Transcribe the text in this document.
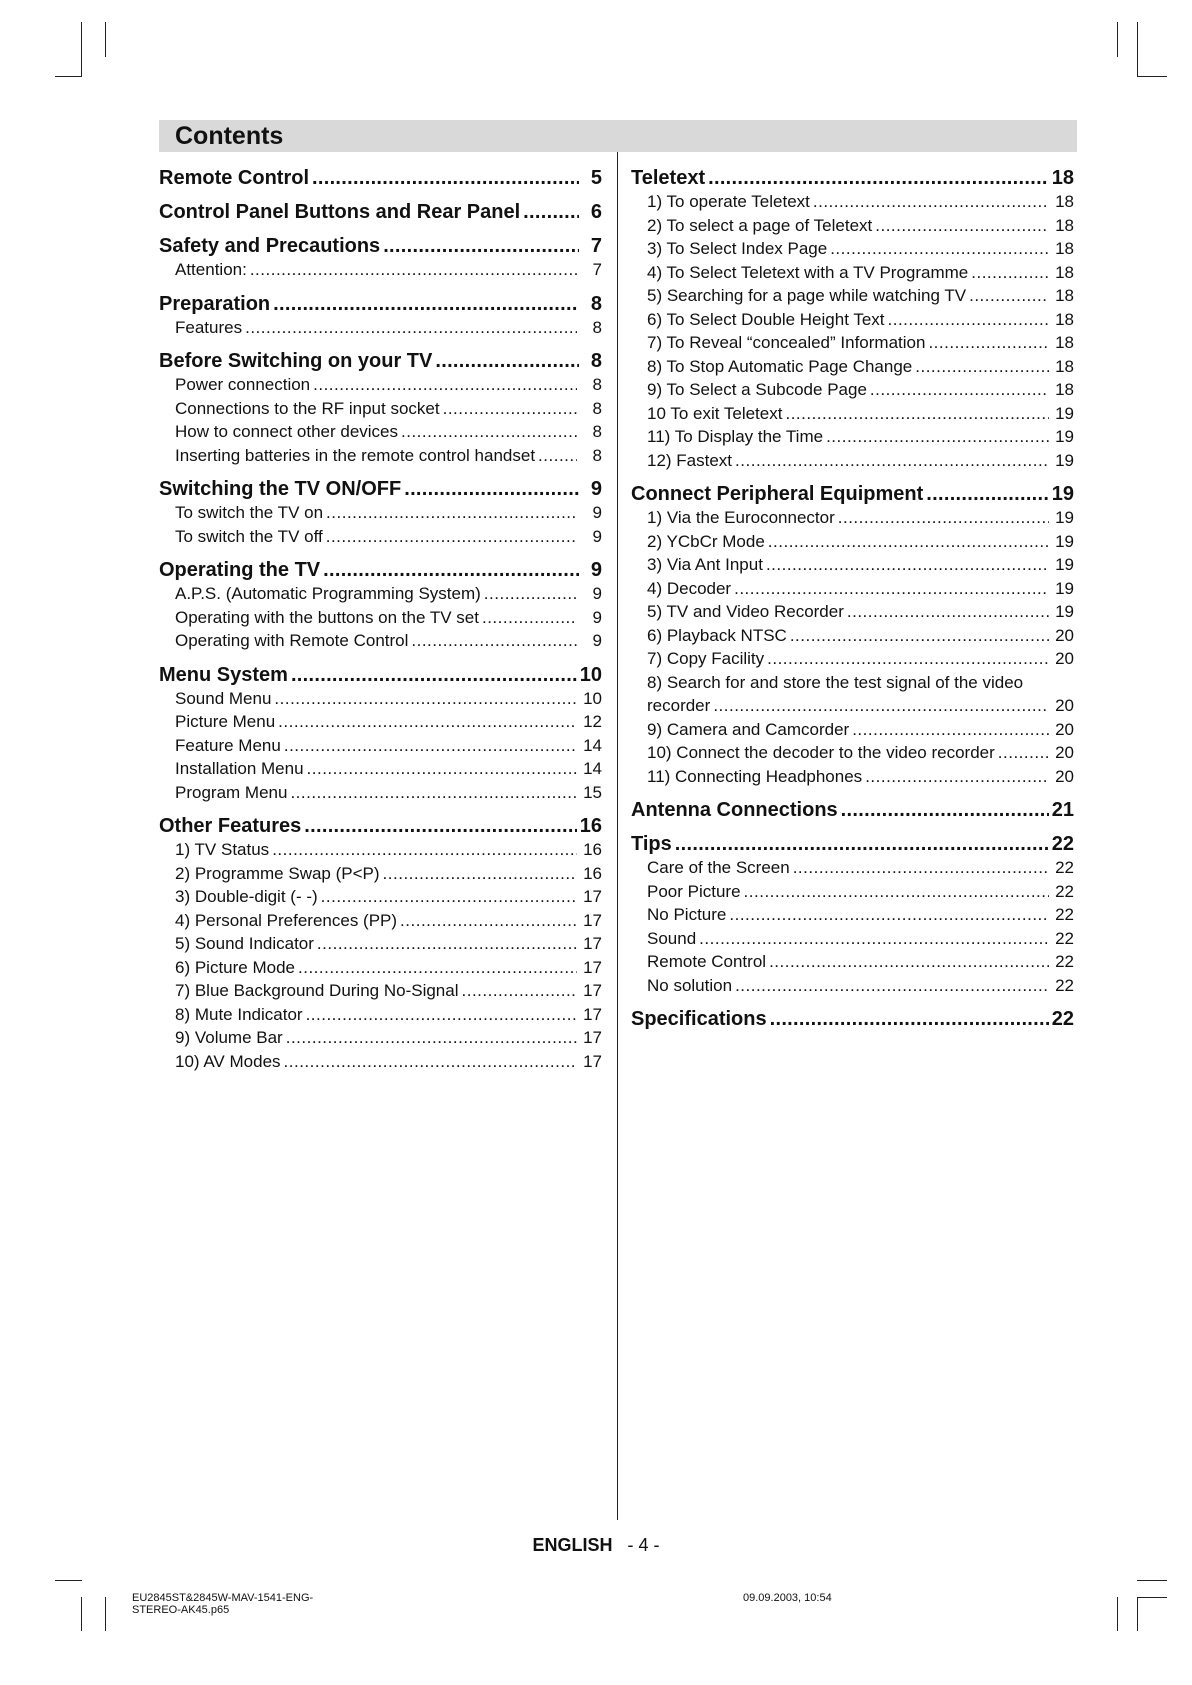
Contents
Remote Control .....	5
Control Panel Buttons and Rear Panel .....	6
Safety and Precautions .....	7
Attention: .....	7
Preparation .....	8
Features .....	8
Before Switching on your TV .....	8
Power connection .....	8
Connections to the RF input socket .....	8
How to connect other devices .....	8
Inserting batteries in the remote control handset .....	8
Switching the TV ON/OFF .....	9
To switch the TV on .....	9
To switch the TV off .....	9
Operating the TV .....	9
A.P.S. (Automatic Programming System) .....	9
Operating with the buttons on the TV set .....	9
Operating with Remote Control .....	9
Menu System .....	10
Sound Menu .....	10
Picture Menu .....	12
Feature Menu .....	14
Installation Menu .....	14
Program Menu .....	15
Other Features .....	16
1) TV Status .....	16
2) Programme Swap (P<P) .....	16
3) Double-digit (- -) .....	17
4) Personal Preferences (PP) .....	17
5) Sound Indicator .....	17
6) Picture Mode .....	17
7) Blue Background During No-Signal .....	17
8) Mute Indicator .....	17
9) Volume Bar .....	17
10) AV Modes .....	17
Teletext .....	18
1) To operate Teletext .....	18
2) To select a page of Teletext .....	18
3) To Select Index Page .....	18
4) To Select Teletext with a TV Programme .....	18
5) Searching for a page while watching TV .....	18
6) To Select Double Height Text .....	18
7) To Reveal “concealed” Information .....	18
8) To Stop Automatic Page Change .....	18
9) To Select a Subcode Page .....	18
10 To exit Teletext .....	19
11) To Display the Time .....	19
12) Fastext .....	19
Connect Peripheral Equipment .....	19
1) Via the Euroconnector .....	19
2) YCbCr Mode .....	19
3) Via Ant Input .....	19
4) Decoder .....	19
5) TV and Video Recorder .....	19
6) Playback NTSC .....	20
7) Copy Facility .....	20
8) Search for and store the test signal of the video
recorder .....	20
9) Camera and Camcorder .....	20
10) Connect the decoder to the video recorder .....	20
11) Connecting Headphones .....	20
Antenna Connections .....	21
Tips .....	22
Care of the Screen .....	22
Poor Picture .....	22
No Picture .....	22
Sound .....	22
Remote Control .....	22
No solution .....	22
Specifications .....	22
ENGLISH - 4 -
EU2845ST&2845W-MAV-1541-ENG-STEREO-AK45.p65
09.09.2003, 10:54
